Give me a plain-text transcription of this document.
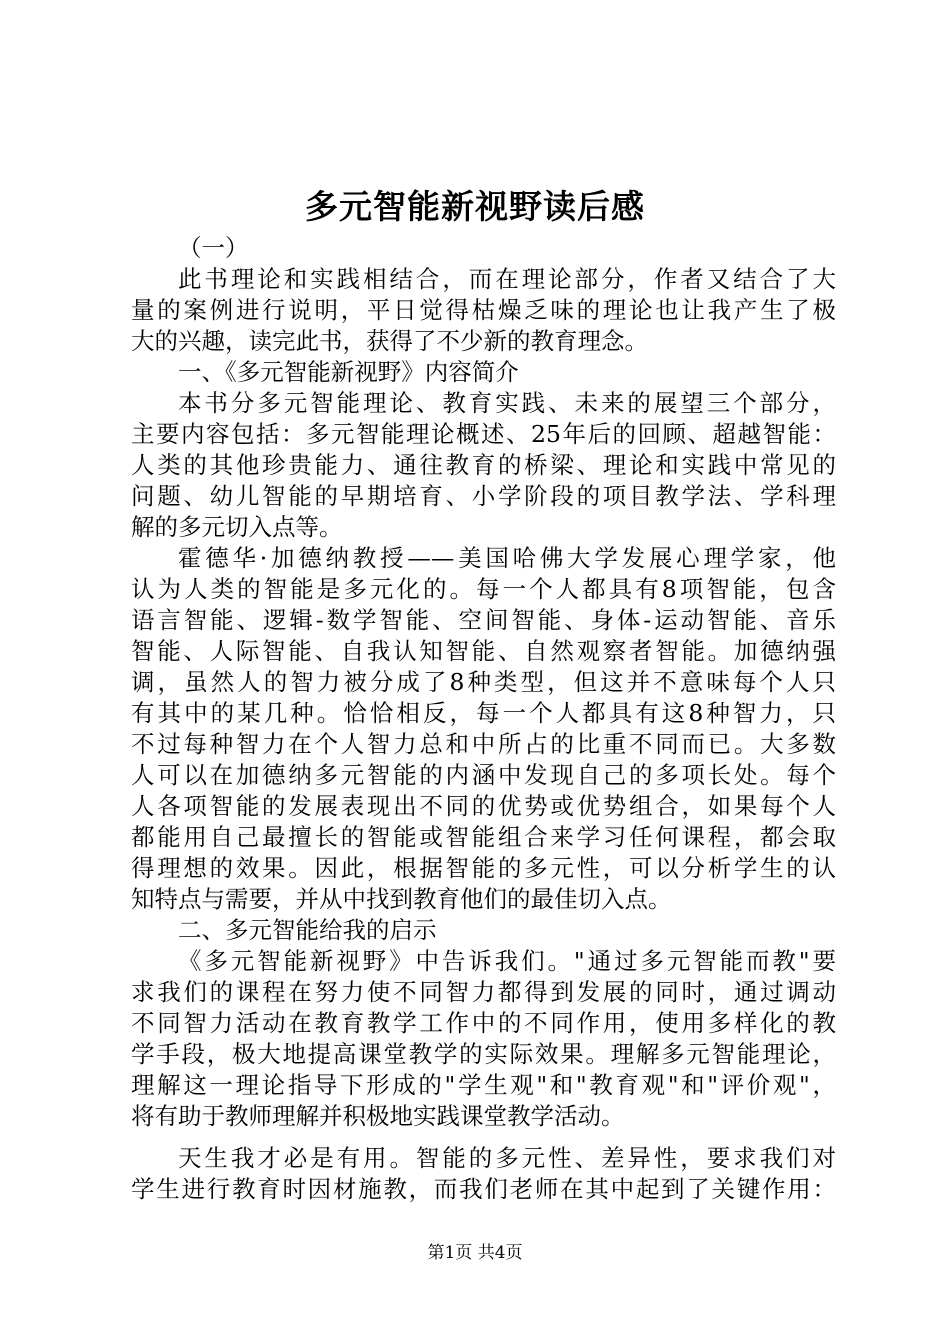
多元智能新视野读后感
（一）
此书理论和实践相结合，而在理论部分，作者又结合了大
量的案例进行说明，平日觉得枯燥乏味的理论也让我产生了极
大的兴趣，读完此书，获得了不少新的教育理念。
一、《多元智能新视野》内容简介
本书分多元智能理论、教育实践、未来的展望三个部分，
主要内容包括：多元智能理论概述、25年后的回顾、超越智能：
人类的其他珍贵能力、通往教育的桥梁、理论和实践中常见的
问题、幼儿智能的早期培育、小学阶段的项目教学法、学科理
解的多元切入点等。
霍德华·加德纳教授——美国哈佛大学发展心理学家，他
认为人类的智能是多元化的。每一个人都具有8项智能，包含
语言智能、逻辑-数学智能、空间智能、身体-运动智能、音乐
智能、人际智能、自我认知智能、自然观察者智能。加德纳强
调，虽然人的智力被分成了8种类型，但这并不意味每个人只
有其中的某几种。恰恰相反，每一个人都具有这8种智力，只
不过每种智力在个人智力总和中所占的比重不同而已。大多数
人可以在加德纳多元智能的内涵中发现自己的多项长处。每个
人各项智能的发展表现出不同的优势或优势组合，如果每个人
都能用自己最擅长的智能或智能组合来学习任何课程，都会取
得理想的效果。因此，根据智能的多元性，可以分析学生的认
知特点与需要，并从中找到教育他们的最佳切入点。
二、多元智能给我的启示
《多元智能新视野》中告诉我们。"通过多元智能而教"要
求我们的课程在努力使不同智力都得到发展的同时，通过调动
不同智力活动在教育教学工作中的不同作用，使用多样化的教
学手段，极大地提高课堂教学的实际效果。理解多元智能理论，
理解这一理论指导下形成的"学生观"和"教育观"和"评价观"，
将有助于教师理解并积极地实践课堂教学活动。
天生我才必是有用。智能的多元性、差异性，要求我们对
学生进行教育时因材施教，而我们老师在其中起到了关键作用：
第1页 共4页
